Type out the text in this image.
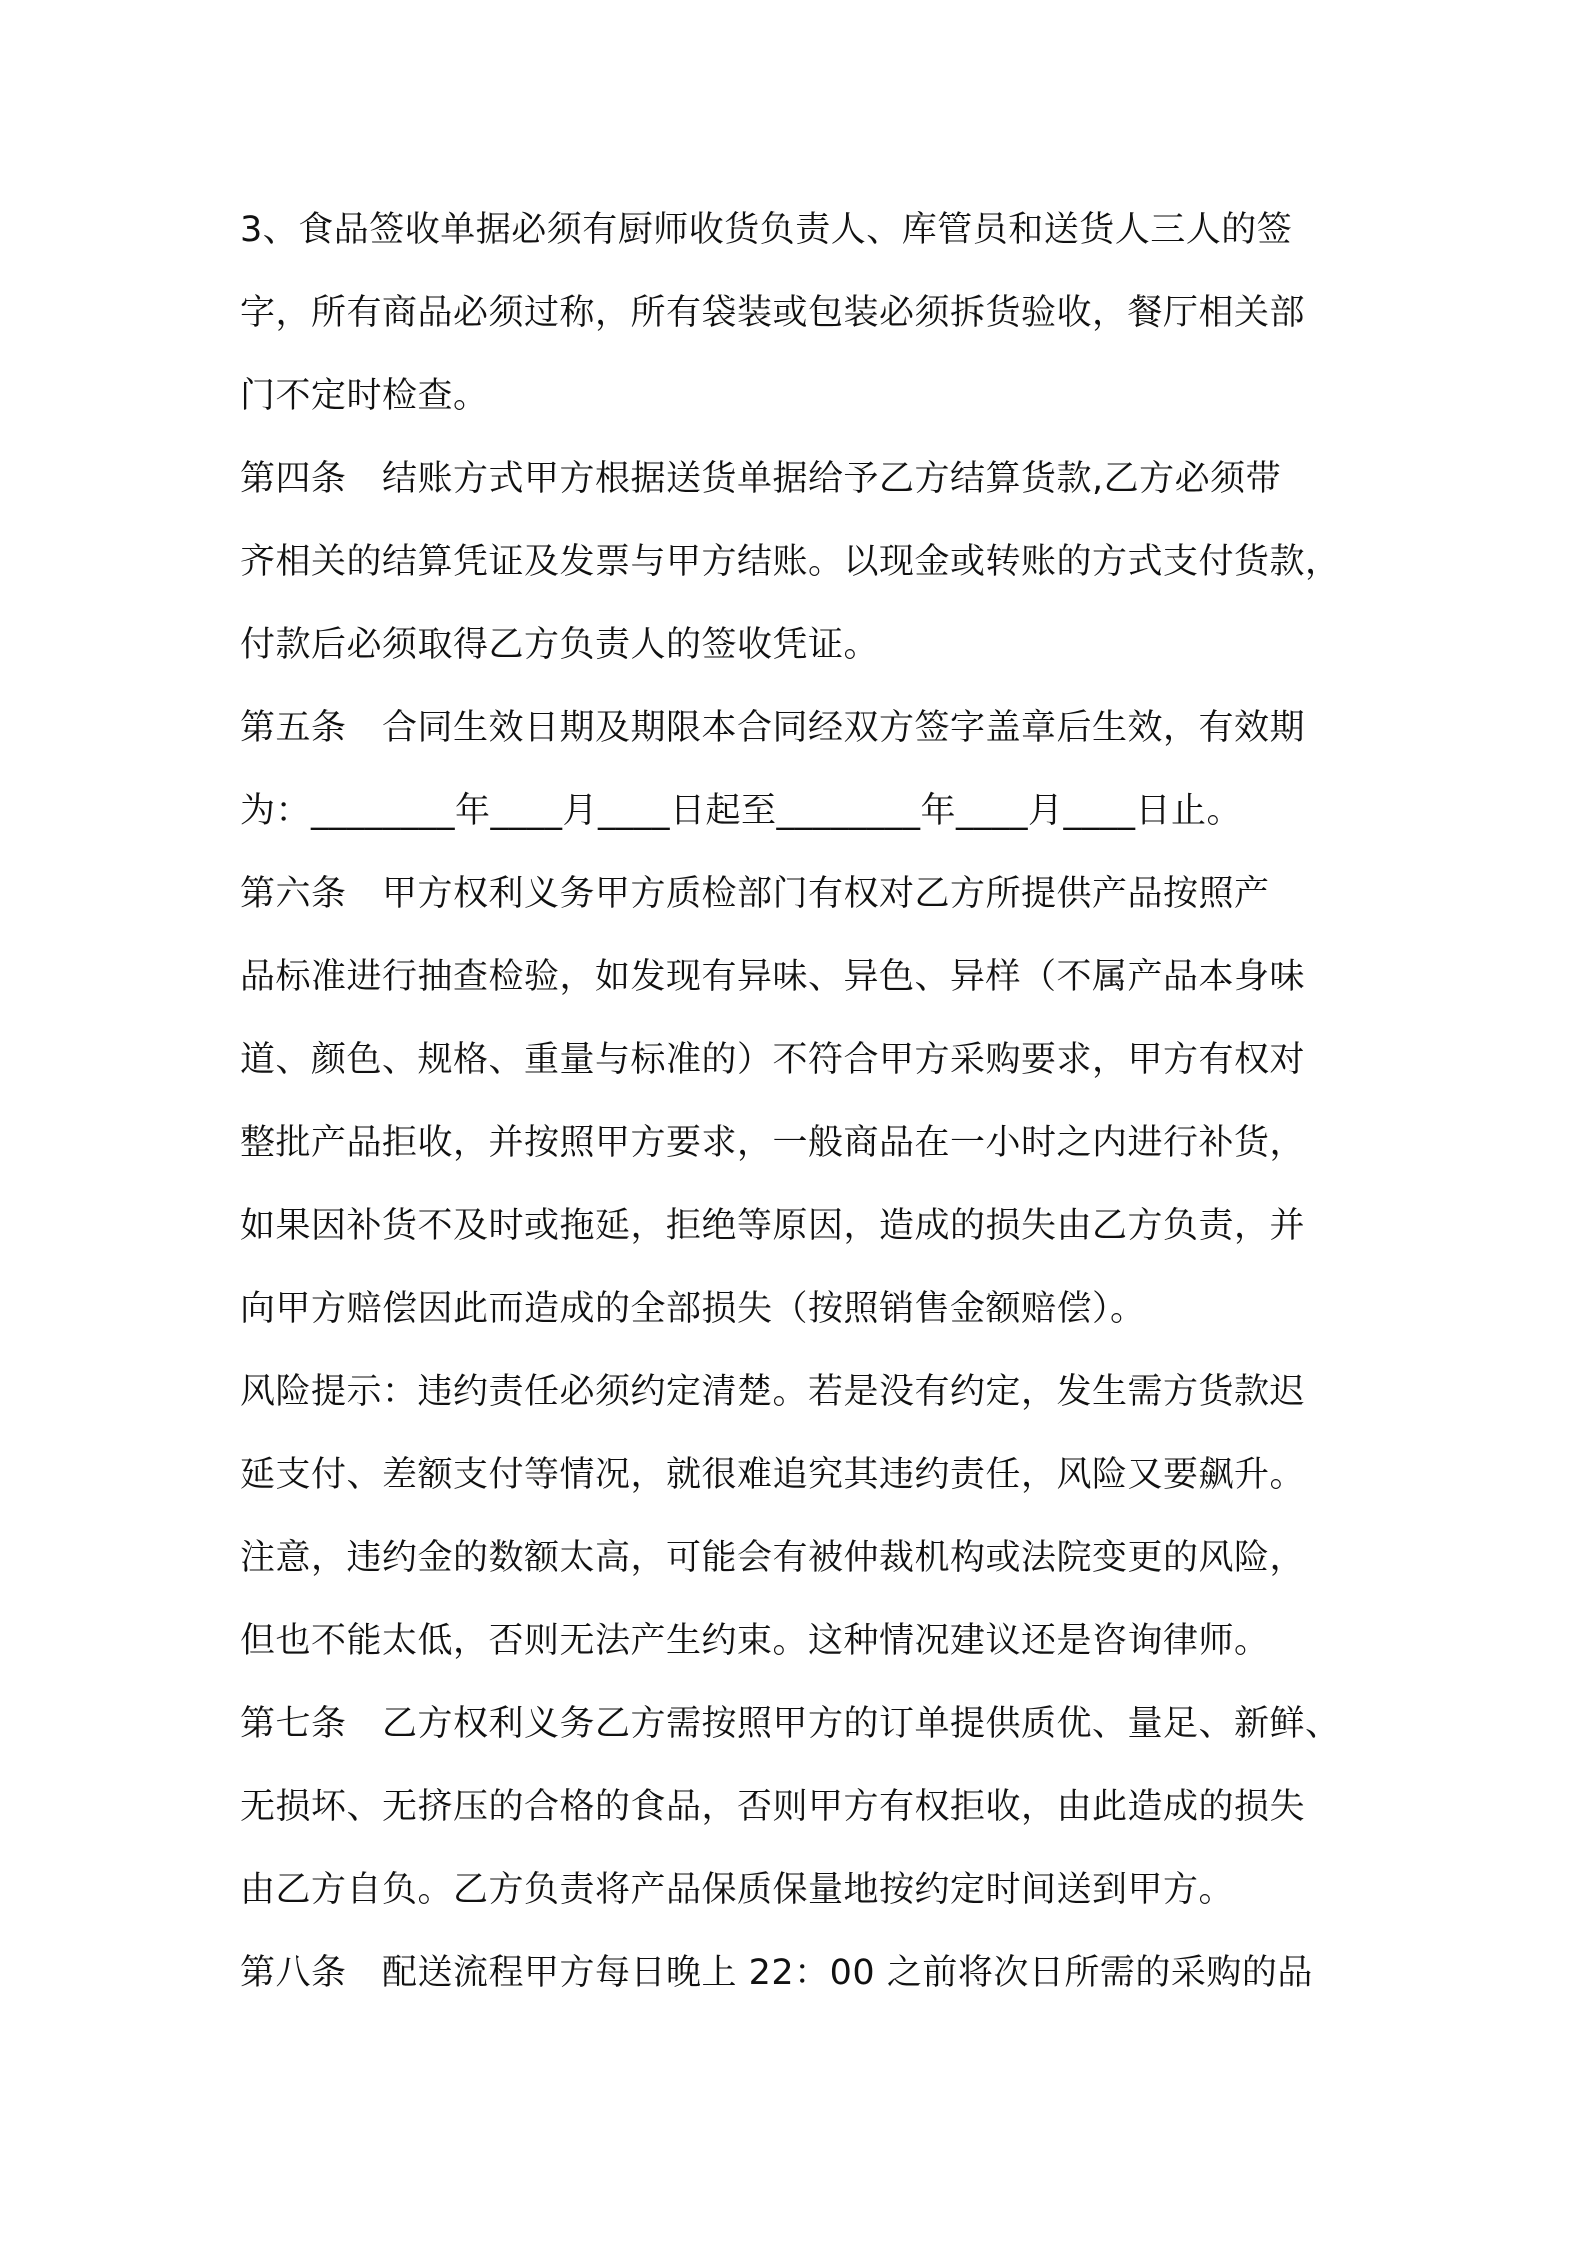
3、食品签收单据必须有厨师收货负责人、库管员和送货人三人的签
字，所有商品必须过称，所有袋装或包装必须拆货验收，餐厅相关部
门不定时检查。
第四条　结账方式甲方根据送货单据给予乙方结算货款,乙方必须带
齐相关的结算凭证及发票与甲方结账。以现金或转账的方式支付货款，
付款后必须取得乙方负责人的签收凭证。
第五条　合同生效日期及期限本合同经双方签字盖章后生效，有效期
为：________年____月____日起至________年____月____日止。
第六条　甲方权利义务甲方质检部门有权对乙方所提供产品按照产
品标准进行抽查检验，如发现有异味、异色、异样（不属产品本身味
道、颜色、规格、重量与标准的）不符合甲方采购要求，甲方有权对
整批产品拒收，并按照甲方要求，一般商品在一小时之内进行补货，
如果因补货不及时或拖延，拒绝等原因，造成的损失由乙方负责，并
向甲方赔偿因此而造成的全部损失（按照销售金额赔偿）。
风险提示：违约责任必须约定清楚。若是没有约定，发生需方货款迟
延支付、差额支付等情况，就很难追究其违约责任，风险又要飙升。
注意，违约金的数额太高，可能会有被仲裁机构或法院变更的风险，
但也不能太低，否则无法产生约束。这种情况建议还是咨询律师。
第七条　乙方权利义务乙方需按照甲方的订单提供质优、量足、新鲜、
无损坏、无挤压的合格的食品，否则甲方有权拒收，由此造成的损失
由乙方自负。乙方负责将产品保质保量地按约定时间送到甲方。
第八条　配送流程甲方每日晚上 22：00 之前将次日所需的采购的品
